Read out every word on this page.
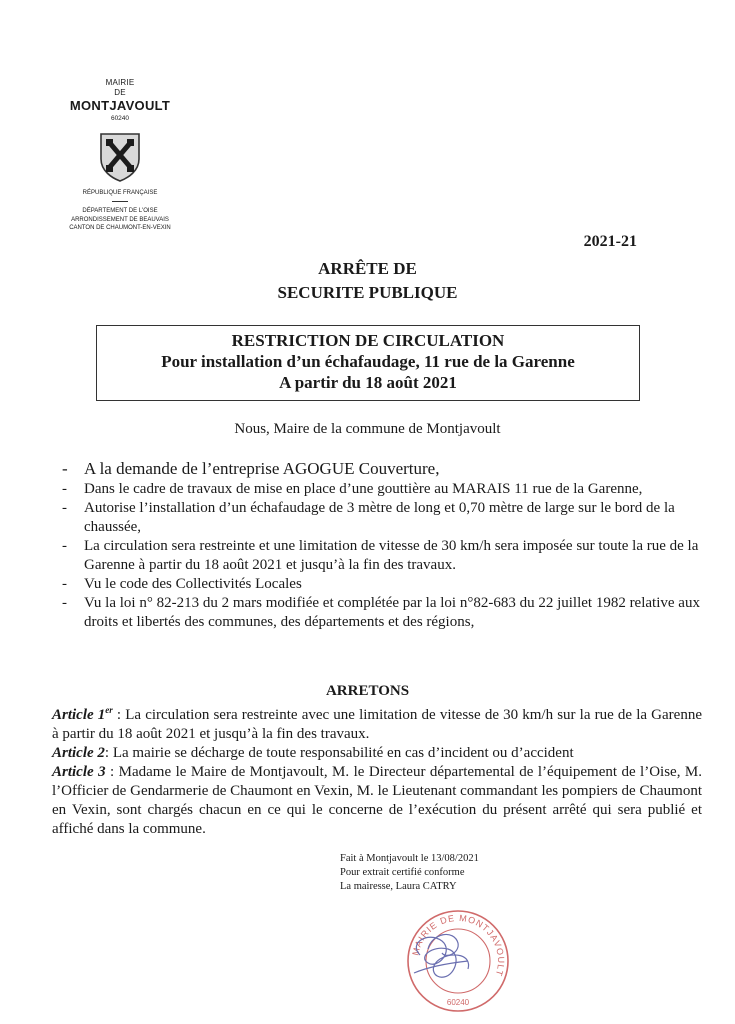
MAIRIE
DE
MONTJAVOULT
60240
RÉPUBLIQUE FRANÇAISE
DÉPARTEMENT DE L'OISE
ARRONDISSEMENT DE BEAUVAIS
CANTON DE CHAUMONT-EN-VEXIN
2021-21
ARRÊTE DE
SECURITE PUBLIQUE
RESTRICTION DE CIRCULATION
Pour installation d’un échafaudage, 11 rue de la Garenne
A partir du 18 août 2021
Nous, Maire de la commune de Montjavoult
- A la demande de l’entreprise AGOGUE Couverture,
- Dans le cadre de travaux de mise en place d’une gouttière au MARAIS 11 rue de la Garenne,
- Autorise l’installation d’un échafaudage de 3 mètre de long et 0,70 mètre de large sur le bord de la chaussée,
- La circulation sera restreinte et une limitation de vitesse de 30 km/h sera imposée sur toute la rue de la Garenne à partir du 18 août 2021 et jusqu’à la fin des travaux.
- Vu le code des Collectivités Locales
- Vu la loi n° 82-213 du 2 mars modifiée et complétée par la loi n°82-683 du 22 juillet 1982 relative aux droits et libertés des communes, des départements et des régions,
ARRETONS

Article 1er : La circulation sera restreinte avec une limitation de vitesse de 30 km/h sur la rue de la Garenne à partir du 18 août 2021 et jusqu’à la fin des travaux.

Article 2: La mairie se décharge de toute responsabilité en cas d’incident ou d’accident

Article 3 : Madame le Maire de Montjavoult, M. le Directeur départemental de l’équipement de l’Oise, M. l’Officier de Gendarmerie de Chaumont en Vexin, M. le Lieutenant commandant les pompiers de Chaumont en Vexin, sont chargés chacun en ce qui le concerne de l’exécution du présent arrêté qui sera publié et affiché dans la commune.

Fait à Montjavoult le 13/08/2021
Pour extrait certifié conforme
La mairesse, Laura CATRY
MAIRIE DE MONTJAVOULT
60240
